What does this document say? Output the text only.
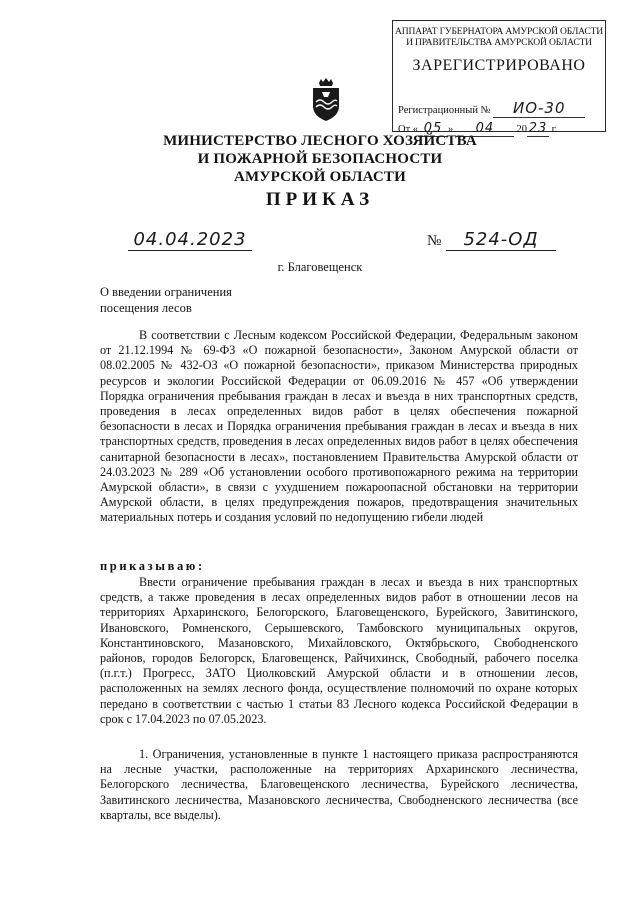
АППАРАТ ГУБЕРНАТОРА АМУРСКОЙ ОБЛАСТИ
И ПРАВИТЕЛЬСТВА АМУРСКОЙ ОБЛАСТИ
ЗАРЕГИСТРИРОВАНО
Регистрационный № ИО-30
От « 05 » 04 20 23 г.
МИНИСТЕРСТВО ЛЕСНОГО ХОЗЯЙСТВА
И ПОЖАРНОЙ БЕЗОПАСНОСТИ
АМУРСКОЙ ОБЛАСТИ
ПРИКАЗ
04.04.2023	№	524-ОД
г. Благовещенск
О введении ограничения
посещения лесов

В соответствии с Лесным кодексом Российской Федерации, Федеральным законом от 21.12.1994 № 69-ФЗ «О пожарной безопасности», Законом Амурской области от 08.02.2005 № 432-ОЗ «О пожарной безопасности», приказом Министерства природных ресурсов и экологии Российской Федерации от 06.09.2016 № 457 «Об утверждении Порядка ограничения пребывания граждан в лесах и въезда в них транспортных средств, проведения в лесах определенных видов работ в целях обеспечения пожарной безопасности в лесах и Порядка ограничения пребывания граждан в лесах и въезда в них транспортных средств, проведения в лесах определенных видов работ в целях обеспечения санитарной безопасности в лесах», постановлением Правительства Амурской области от 24.03.2023 № 289 «Об установлении особого противопожарного режима на территории Амурской области», в связи с ухудшением пожароопасной обстановки на территории Амурской области, в целях предупреждения пожаров, предотвращения значительных материальных потерь и создания условий по недопущению гибели людей

приказываю:

Ввести ограничение пребывания граждан в лесах и въезда в них транспортных средств, а также проведения в лесах определенных видов работ в отношении лесов на территориях Архаринского, Белогорского, Благовещенского, Бурейского, Завитинского, Ивановского, Ромненского, Серышевского, Тамбовского муниципальных округов, Константиновского, Мазановского, Михайловского, Октябрьского, Свободненского районов, городов Белогорск, Благовещенск, Райчихинск, Свободный, рабочего поселка (п.г.т.) Прогресс, ЗАТО Циолковский Амурской области и в отношении лесов, расположенных на землях лесного фонда, осуществление полномочий по охране которых передано в соответствии с частью 1 статьи 83 Лесного кодекса Российской Федерации в срок с 17.04.2023 по 07.05.2023.

1. Ограничения, установленные в пункте 1 настоящего приказа распространяются на лесные участки, расположенные на территориях Архаринского лесничества, Белогорского лесничества, Благовещенского лесничества, Бурейского лесничества, Завитинского лесничества, Мазановского лесничества, Свободненского лесничества (все кварталы, все выделы).
